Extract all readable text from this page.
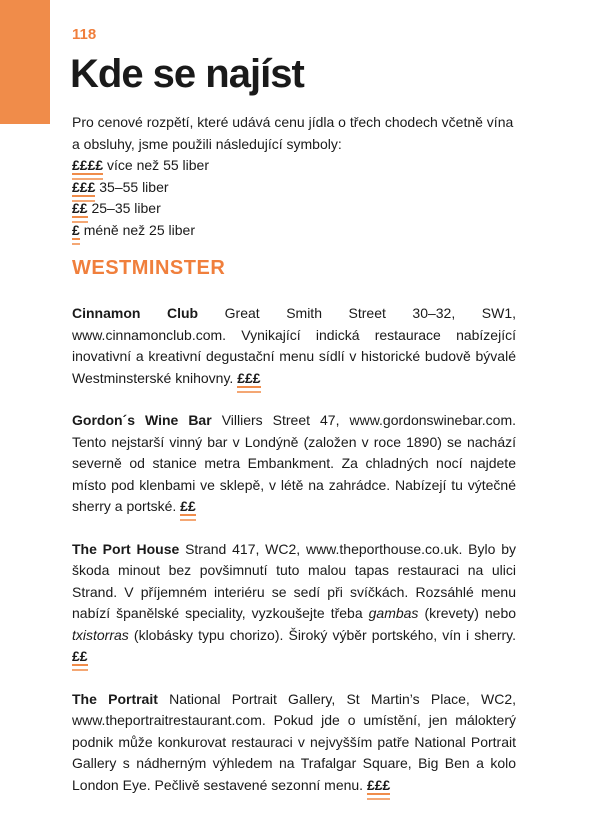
118
Kde se najíst

Pro cenové rozpětí, které udává cenu jídla o třech chodech včetně vína a obsluhy, jsme použili následující symboly:

££££ více než 55 liber
£££ 35–55 liber
££ 25–35 liber
£ méně než 25 liber
WESTMINSTER

Cinnamon Club Great Smith Street 30–32, SW1, www.cinnamonclub.com. Vynikající indická restaurace nabízející inovativní a kreativní degustační menu sídlí v historické budově bývalé Westminsterské knihovny. £££

Gordon´s Wine Bar Villiers Street 47, www.gordonswinebar.com. Tento nejstarší vinný bar v Londýně (založen v roce 1890) se nachází severně od stanice metra Embankment. Za chladných nocí najdete místo pod klenbami ve sklepě, v létě na zahrádce. Nabízejí tu výtečné sherry a portské. ££

The Port House Strand 417, WC2, www.theporthouse.co.uk. Bylo by škoda minout bez povšimnutí tuto malou tapas restauraci na ulici Strand. V příjemném interiéru se sedí při svíčkách. Rozsáhlé menu nabízí španělské speciality, vyzkoušejte třeba gambas (krevety) nebo txistorras (klobásky typu chorizo). Široký výběr portského, vín i sherry. ££

The Portrait National Portrait Gallery, St Martin’s Place, WC2, www.theportraitrestaurant.com. Pokud jde o umístění, jen málokterý podnik může konkurovat restauraci v nejvyšším patře National Portrait Gallery s nádherným výhledem na Trafalgar Square, Big Ben a kolo London Eye. Pečlivě sestavené sezonní menu. £££
